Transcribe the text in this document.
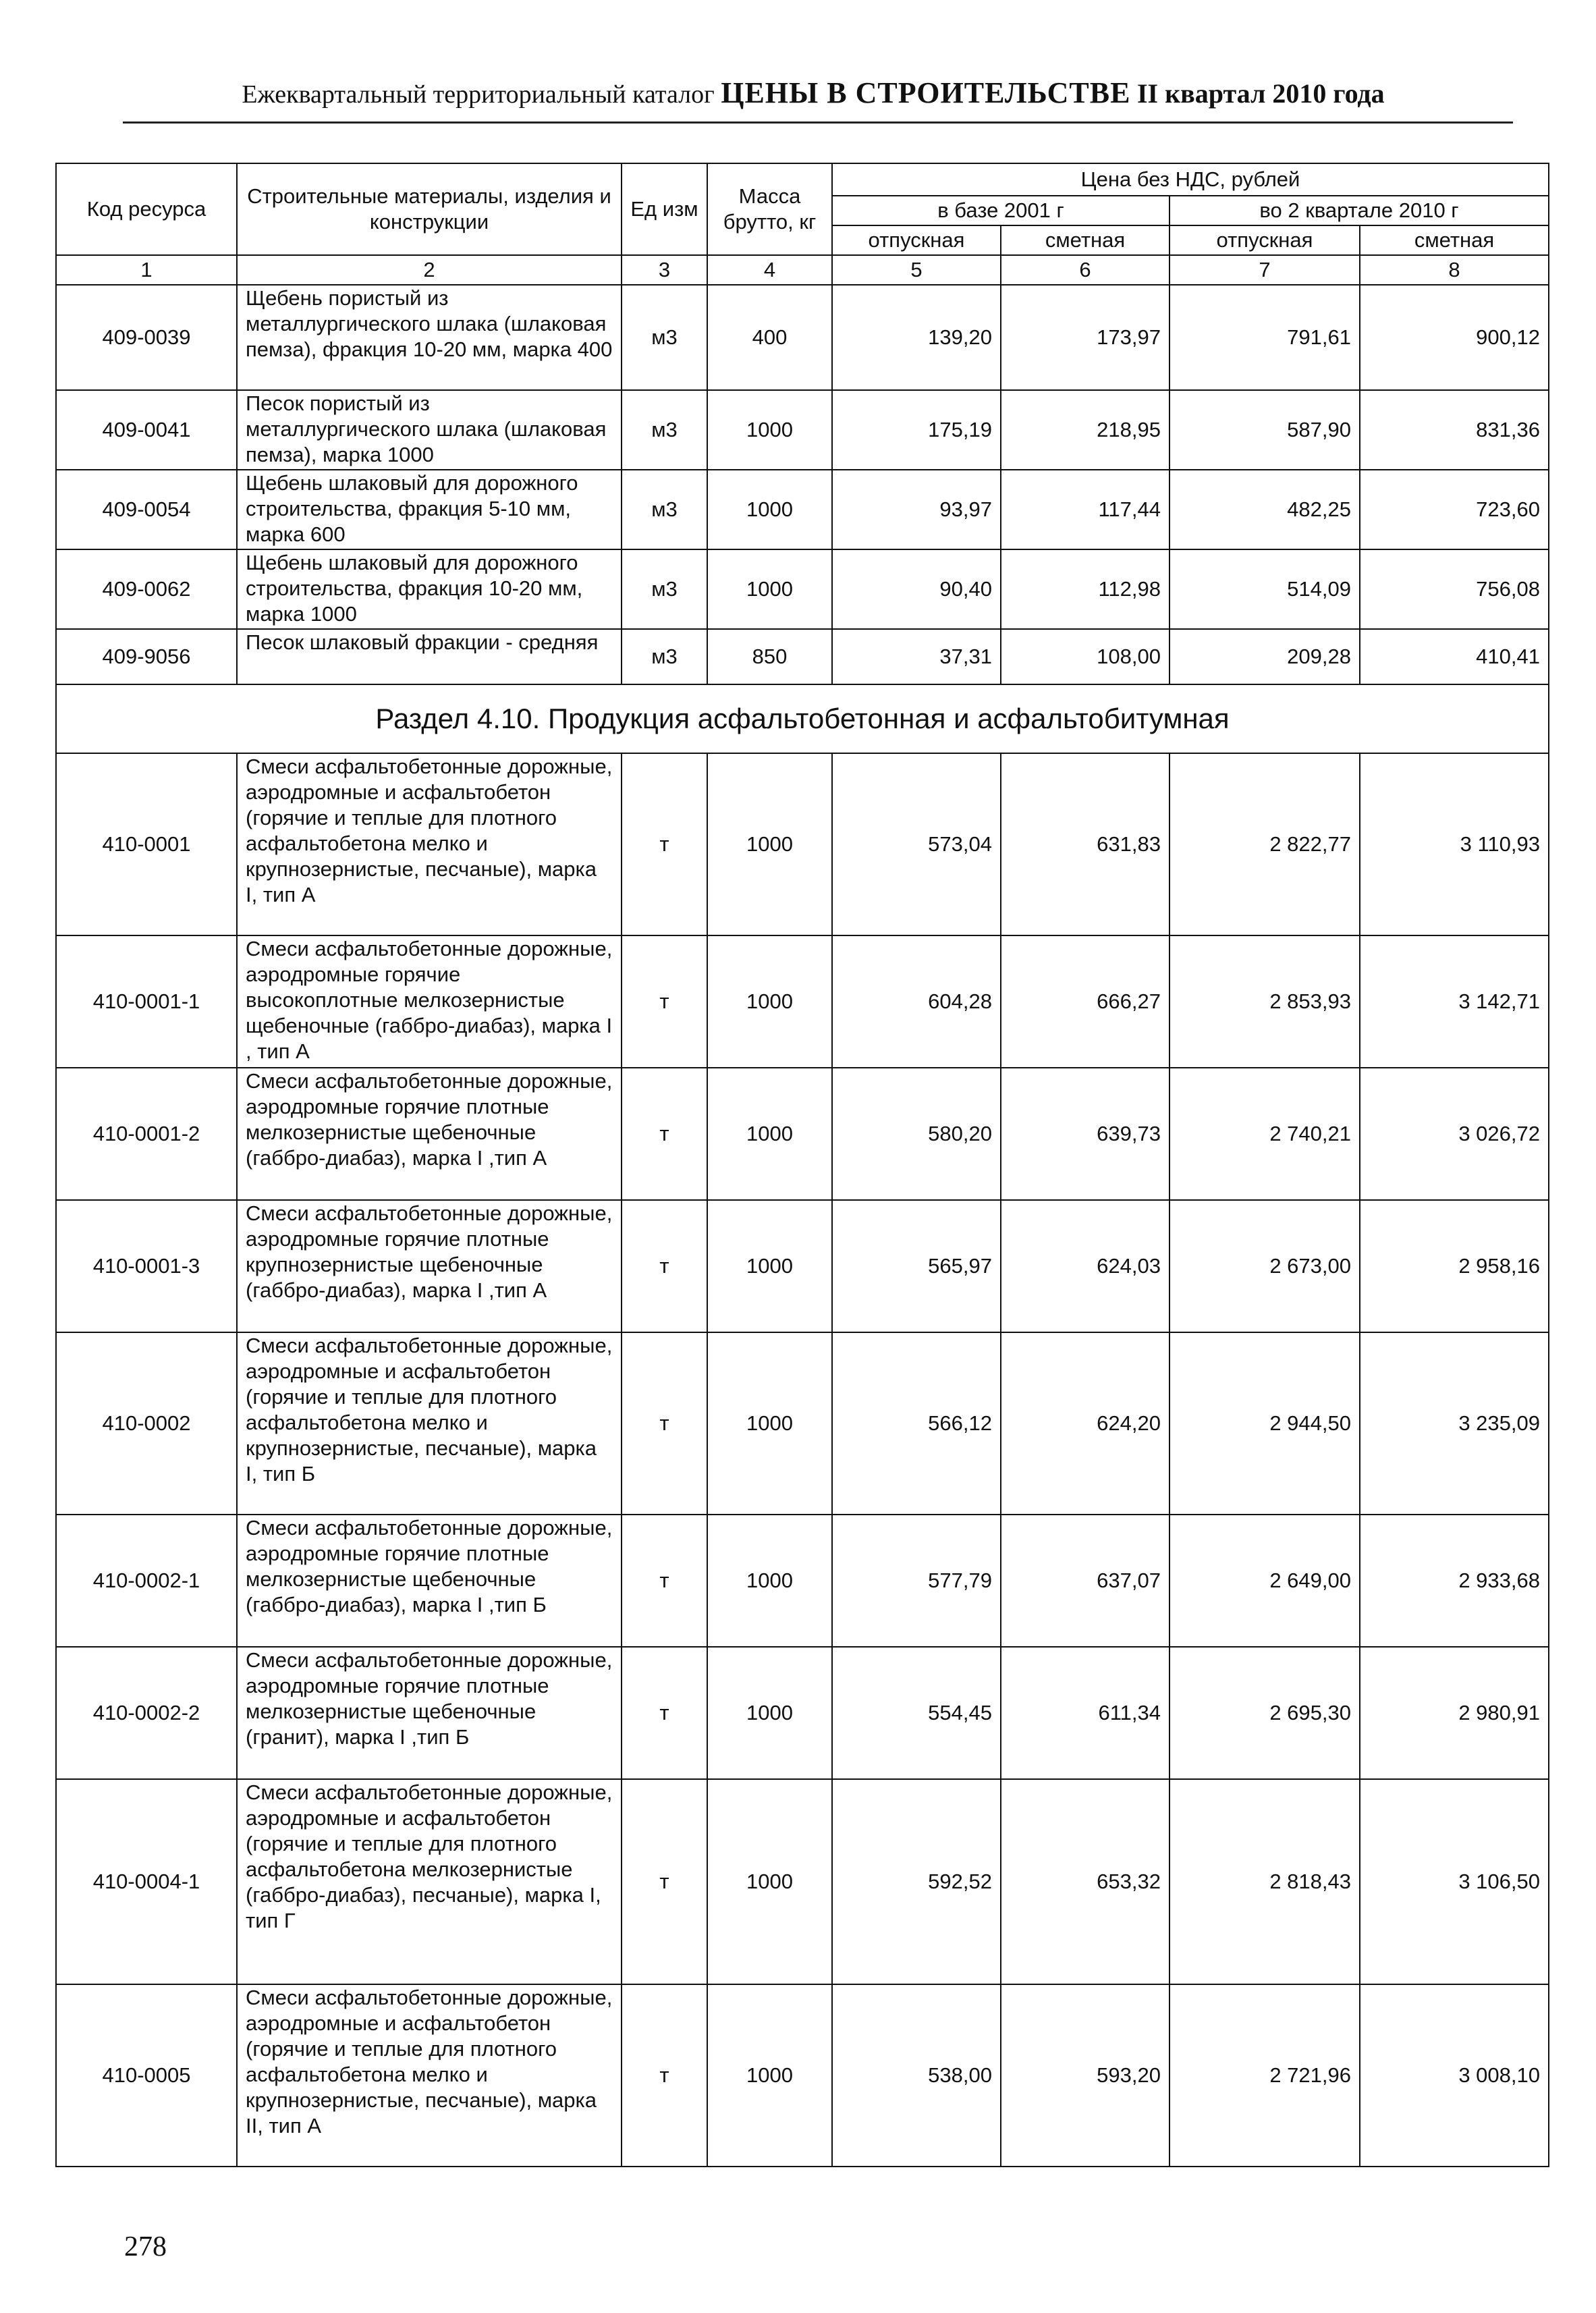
Ежеквартальный территориальный каталог ЦЕНЫ В СТРОИТЕЛЬСТВЕ II квартал 2010 года
Код ресурса	Строительные материалы, изделия и конструкции	Ед изм	Масса брутто, кг	Цена без НДС, рублей			
				в базе 2001 г		во 2 квартале 2010 г	
				отпускная	сметная	отпускная	сметная
1	2	3	4	5	6	7	8
409-0039	Щебень пористый из металлургического шлака (шлаковая пемза), фракция 10-20 мм, марка 400	м3	400	139,20	173,97	791,61	900,12
409-0041	Песок пористый из металлургического шлака (шлаковая пемза), марка 1000	м3	1000	175,19	218,95	587,90	831,36
409-0054	Щебень шлаковый для дорожного строительства, фракция 5-10 мм, марка 600	м3	1000	93,97	117,44	482,25	723,60
409-0062	Щебень шлаковый для дорожного строительства, фракция 10-20 мм, марка 1000	м3	1000	90,40	112,98	514,09	756,08
409-9056	Песок шлаковый фракции - средняя	м3	850	37,31	108,00	209,28	410,41
Раздел 4.10. Продукция асфальтобетонная и асфальтобитумная							
410-0001	Смеси асфальтобетонные дорожные, аэродромные и асфальтобетон (горячие и теплые для плотного асфальтобетона мелко и крупнозернистые, песчаные), марка I, тип А	т	1000	573,04	631,83	2 822,77	3 110,93
410-0001-1	Смеси асфальтобетонные дорожные, аэродромные горячие высокоплотные мелкозернистые щебеночные (габбро-диабаз), марка I , тип А	т	1000	604,28	666,27	2 853,93	3 142,71
410-0001-2	Смеси асфальтобетонные дорожные, аэродромные горячие плотные мелкозернистые щебеночные (габбро-диабаз), марка I ,тип А	т	1000	580,20	639,73	2 740,21	3 026,72
410-0001-3	Смеси асфальтобетонные дорожные, аэродромные горячие плотные крупнозернистые щебеночные (габбро-диабаз), марка I ,тип А	т	1000	565,97	624,03	2 673,00	2 958,16
410-0002	Смеси асфальтобетонные дорожные, аэродромные и асфальтобетон (горячие и теплые для плотного асфальтобетона мелко и крупнозернистые, песчаные), марка I, тип Б	т	1000	566,12	624,20	2 944,50	3 235,09
410-0002-1	Смеси асфальтобетонные дорожные, аэродромные горячие плотные мелкозернистые щебеночные (габбро-диабаз), марка I ,тип Б	т	1000	577,79	637,07	2 649,00	2 933,68
410-0002-2	Смеси асфальтобетонные дорожные, аэродромные горячие плотные мелкозернистые щебеночные (гранит), марка I ,тип Б	т	1000	554,45	611,34	2 695,30	2 980,91
410-0004-1	Смеси асфальтобетонные дорожные, аэродромные и асфальтобетон (горячие и теплые для плотного асфальтобетона мелкозернистые (габбро-диабаз), песчаные), марка I, тип Г	т	1000	592,52	653,32	2 818,43	3 106,50
410-0005	Смеси асфальтобетонные дорожные, аэродромные и асфальтобетон (горячие и теплые для плотного асфальтобетона мелко и крупнозернистые, песчаные), марка II, тип А	т	1000	538,00	593,20	2 721,96	3 008,10
278
